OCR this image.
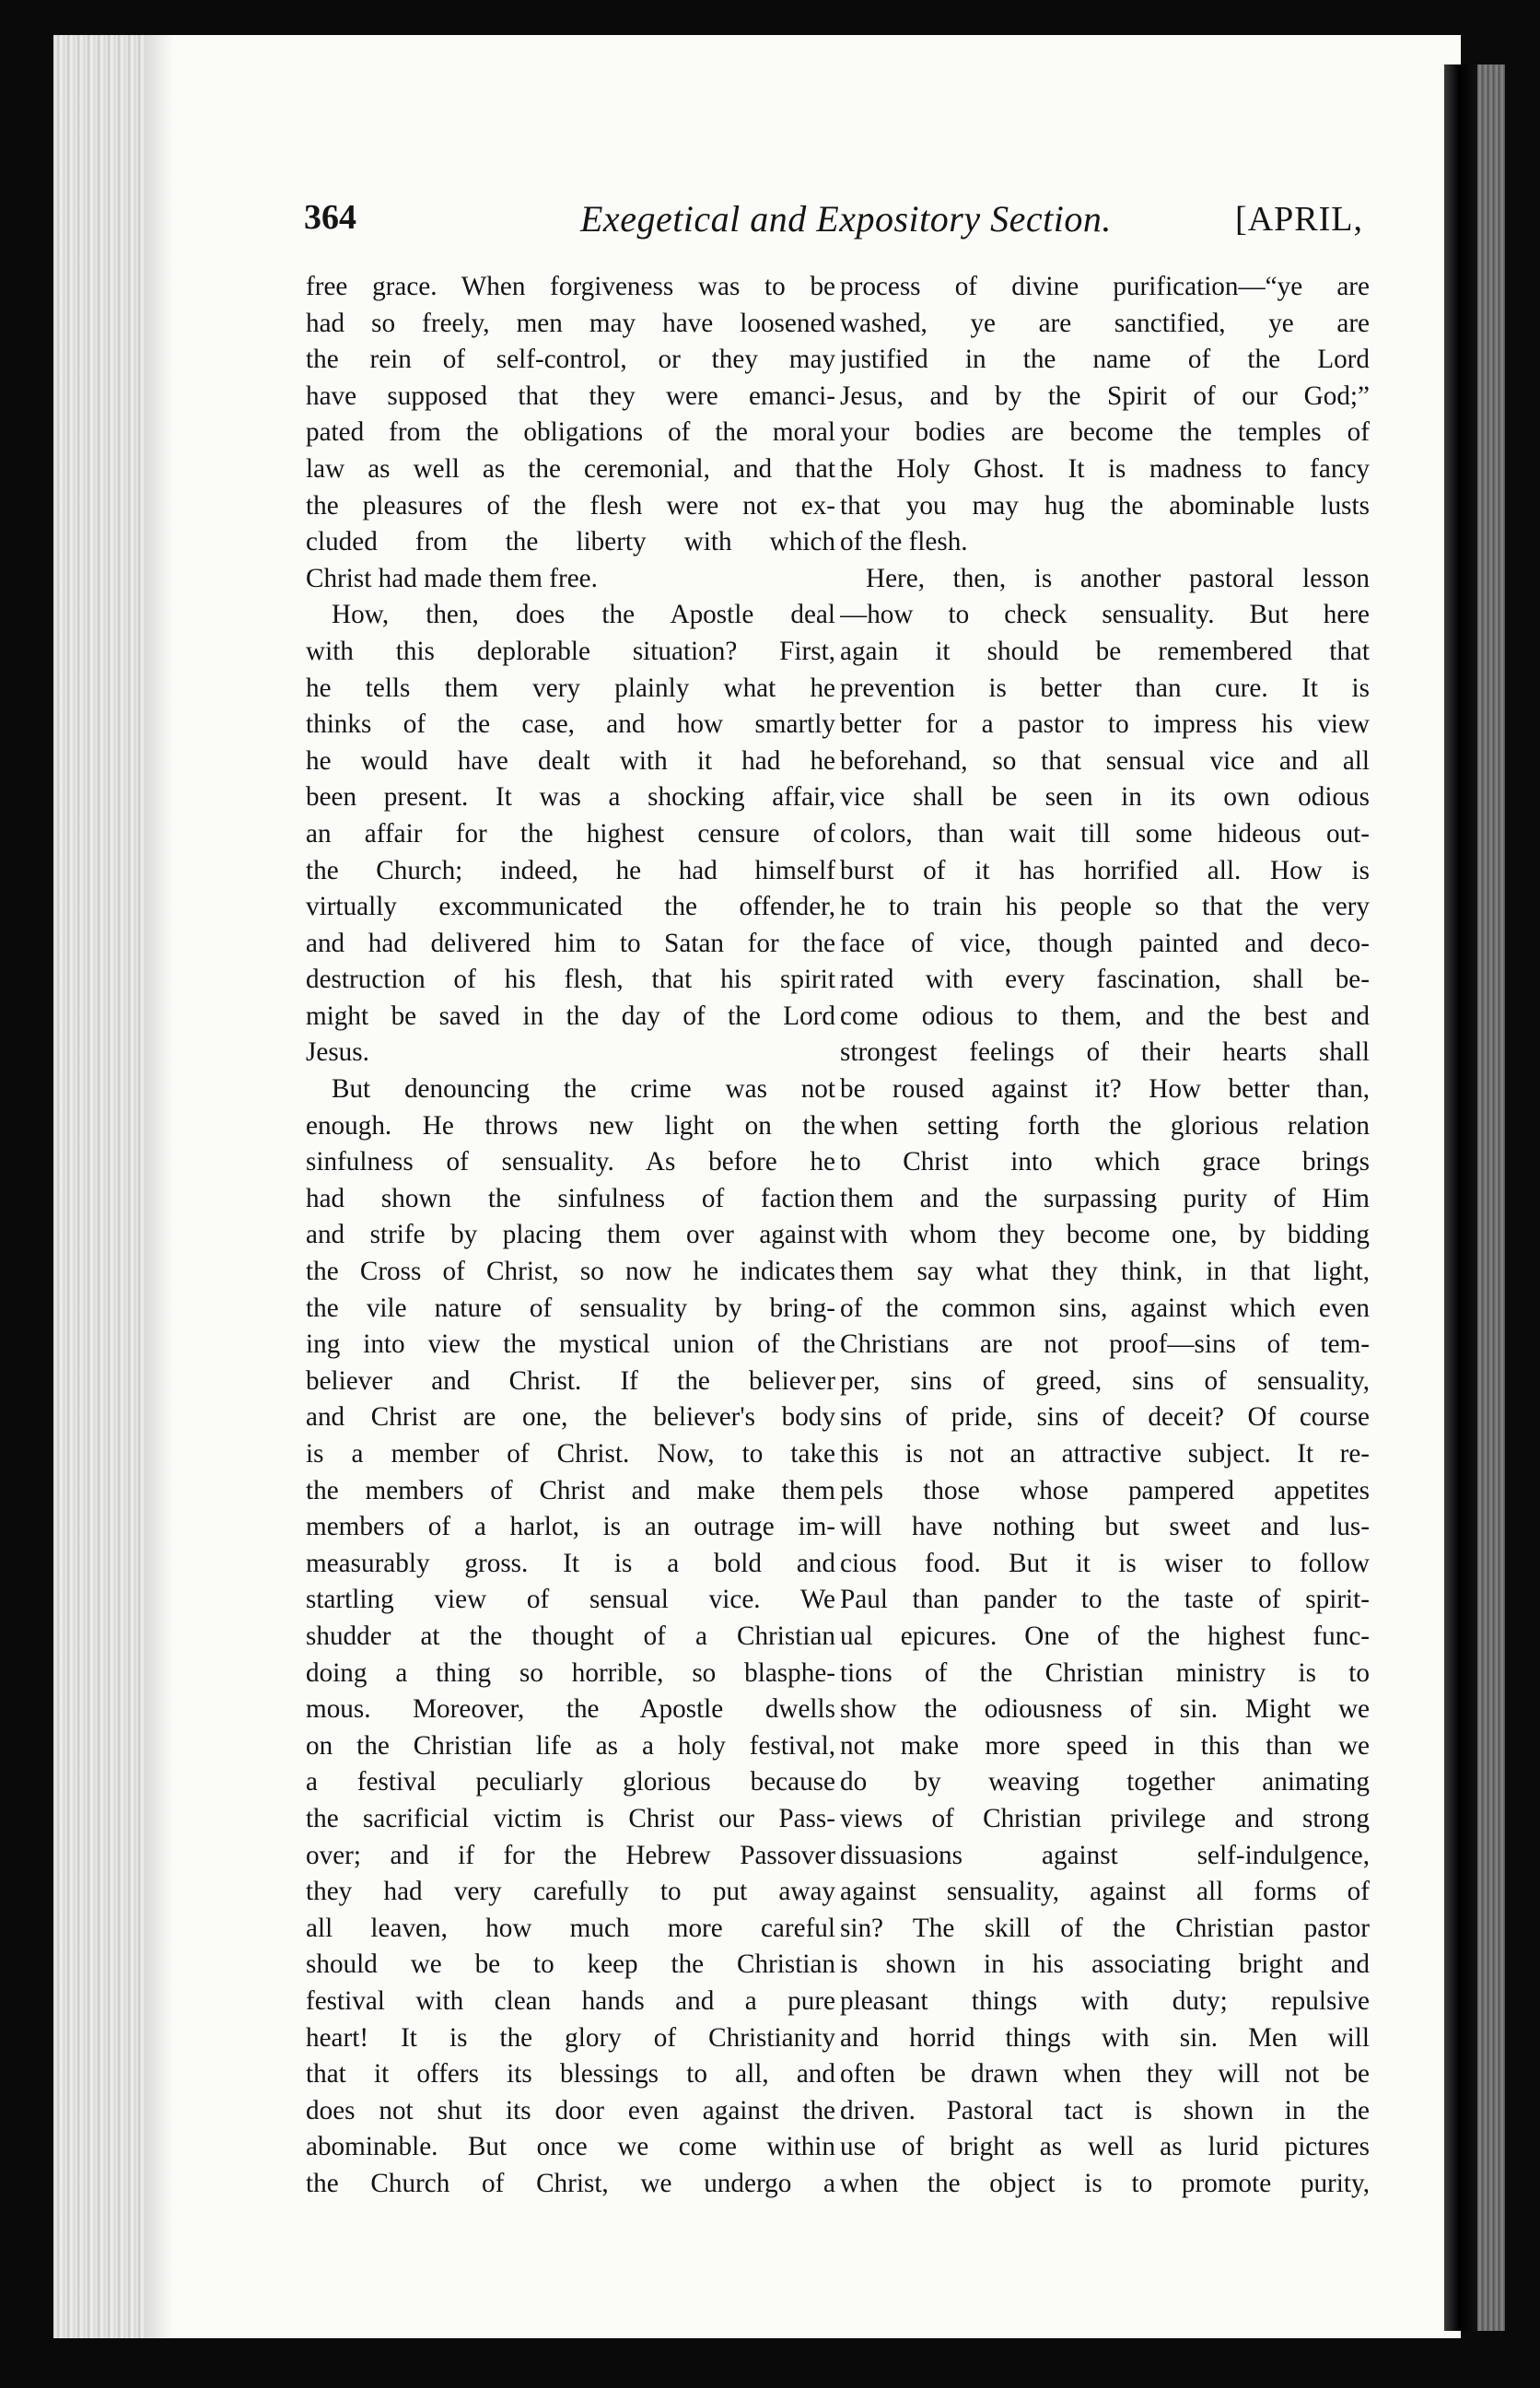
364	Exegetical and Expository Section.	[APRIL,
free grace. When forgiveness was to be
had so freely, men may have loosened
the rein of self-control, or they may
have supposed that they were emanci-
pated from the obligations of the moral
law as well as the ceremonial, and that
the pleasures of the flesh were not ex-
cluded from the liberty with which
Christ had made them free.
How, then, does the Apostle deal
with this deplorable situation? First,
he tells them very plainly what he
thinks of the case, and how smartly
he would have dealt with it had he
been present. It was a shocking affair,
an affair for the highest censure of
the Church; indeed, he had himself
virtually excommunicated the offender,
and had delivered him to Satan for the
destruction of his flesh, that his spirit
might be saved in the day of the Lord
Jesus.
But denouncing the crime was not
enough. He throws new light on the
sinfulness of sensuality. As before he
had shown the sinfulness of faction
and strife by placing them over against
the Cross of Christ, so now he indicates
the vile nature of sensuality by bring-
ing into view the mystical union of the
believer and Christ. If the believer
and Christ are one, the believer's body
is a member of Christ. Now, to take
the members of Christ and make them
members of a harlot, is an outrage im-
measurably gross. It is a bold and
startling view of sensual vice. We
shudder at the thought of a Christian
doing a thing so horrible, so blasphe-
mous. Moreover, the Apostle dwells
on the Christian life as a holy festival,
a festival peculiarly glorious because
the sacrificial victim is Christ our Pass-
over; and if for the Hebrew Passover
they had very carefully to put away
all leaven, how much more careful
should we be to keep the Christian
festival with clean hands and a pure
heart! It is the glory of Christianity
that it offers its blessings to all, and
does not shut its door even against the
abominable. But once we come within
the Church of Christ, we undergo a
process of divine purification—“ye are
washed, ye are sanctified, ye are
justified in the name of the Lord
Jesus, and by the Spirit of our God;”
your bodies are become the temples of
the Holy Ghost. It is madness to fancy
that you may hug the abominable lusts
of the flesh.
Here, then, is another pastoral lesson
—how to check sensuality. But here
again it should be remembered that
prevention is better than cure. It is
better for a pastor to impress his view
beforehand, so that sensual vice and all
vice shall be seen in its own odious
colors, than wait till some hideous out-
burst of it has horrified all. How is
he to train his people so that the very
face of vice, though painted and deco-
rated with every fascination, shall be-
come odious to them, and the best and
strongest feelings of their hearts shall
be roused against it? How better than,
when setting forth the glorious relation
to Christ into which grace brings
them and the surpassing purity of Him
with whom they become one, by bidding
them say what they think, in that light,
of the common sins, against which even
Christians are not proof—sins of tem-
per, sins of greed, sins of sensuality,
sins of pride, sins of deceit? Of course
this is not an attractive subject. It re-
pels those whose pampered appetites
will have nothing but sweet and lus-
cious food. But it is wiser to follow
Paul than pander to the taste of spirit-
ual epicures. One of the highest func-
tions of the Christian ministry is to
show the odiousness of sin. Might we
not make more speed in this than we
do by weaving together animating
views of Christian privilege and strong
dissuasions against self-indulgence,
against sensuality, against all forms of
sin? The skill of the Christian pastor
is shown in his associating bright and
pleasant things with duty; repulsive
and horrid things with sin. Men will
often be drawn when they will not be
driven. Pastoral tact is shown in the
use of bright as well as lurid pictures
when the object is to promote purity,
